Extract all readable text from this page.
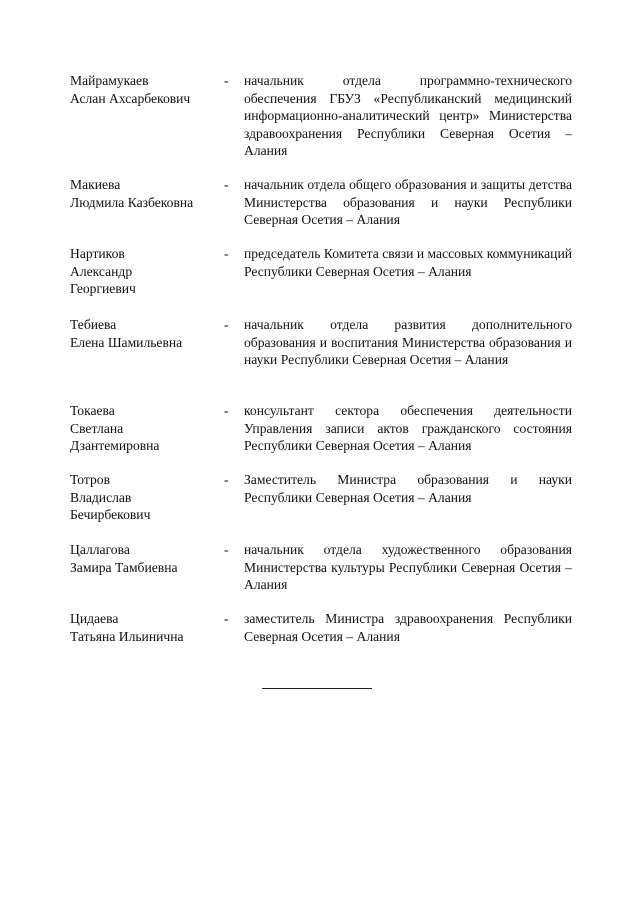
Майрамукаев
Аслан Ахсарбекович
- начальник отдела программно-технического обеспечения ГБУЗ «Республиканский медицинский информационно-аналитический центр» Министерства здравоохранения Республики Северная Осетия – Алания
Макиева
Людмила Казбековна
- начальник отдела общего образования и защиты детства Министерства образования и науки Республики Северная Осетия – Алания
Нартиков
Александр
Георгиевич
- председатель Комитета связи и массовых коммуникаций Республики Северная Осетия – Алания
Тебиева
Елена Шамильевна
- начальник отдела развития дополнительного образования и воспитания Министерства образования и науки Республики Северная Осетия – Алания
Токаева
Светлана
Дзантемировна
- консультант сектора обеспечения деятельности Управления записи актов гражданского состояния Республики Северная Осетия – Алания
Тотров
Владислав
Бечирбекович
- Заместитель Министра образования и науки Республики Северная Осетия – Алания
Цаллагова
Замира Тамбиевна
- начальник отдела художественного образования Министерства культуры Республики Северная Осетия – Алания
Цидаева
Татьяна Ильинична
- заместитель Министра здравоохранения Республики Северная Осетия – Алания
